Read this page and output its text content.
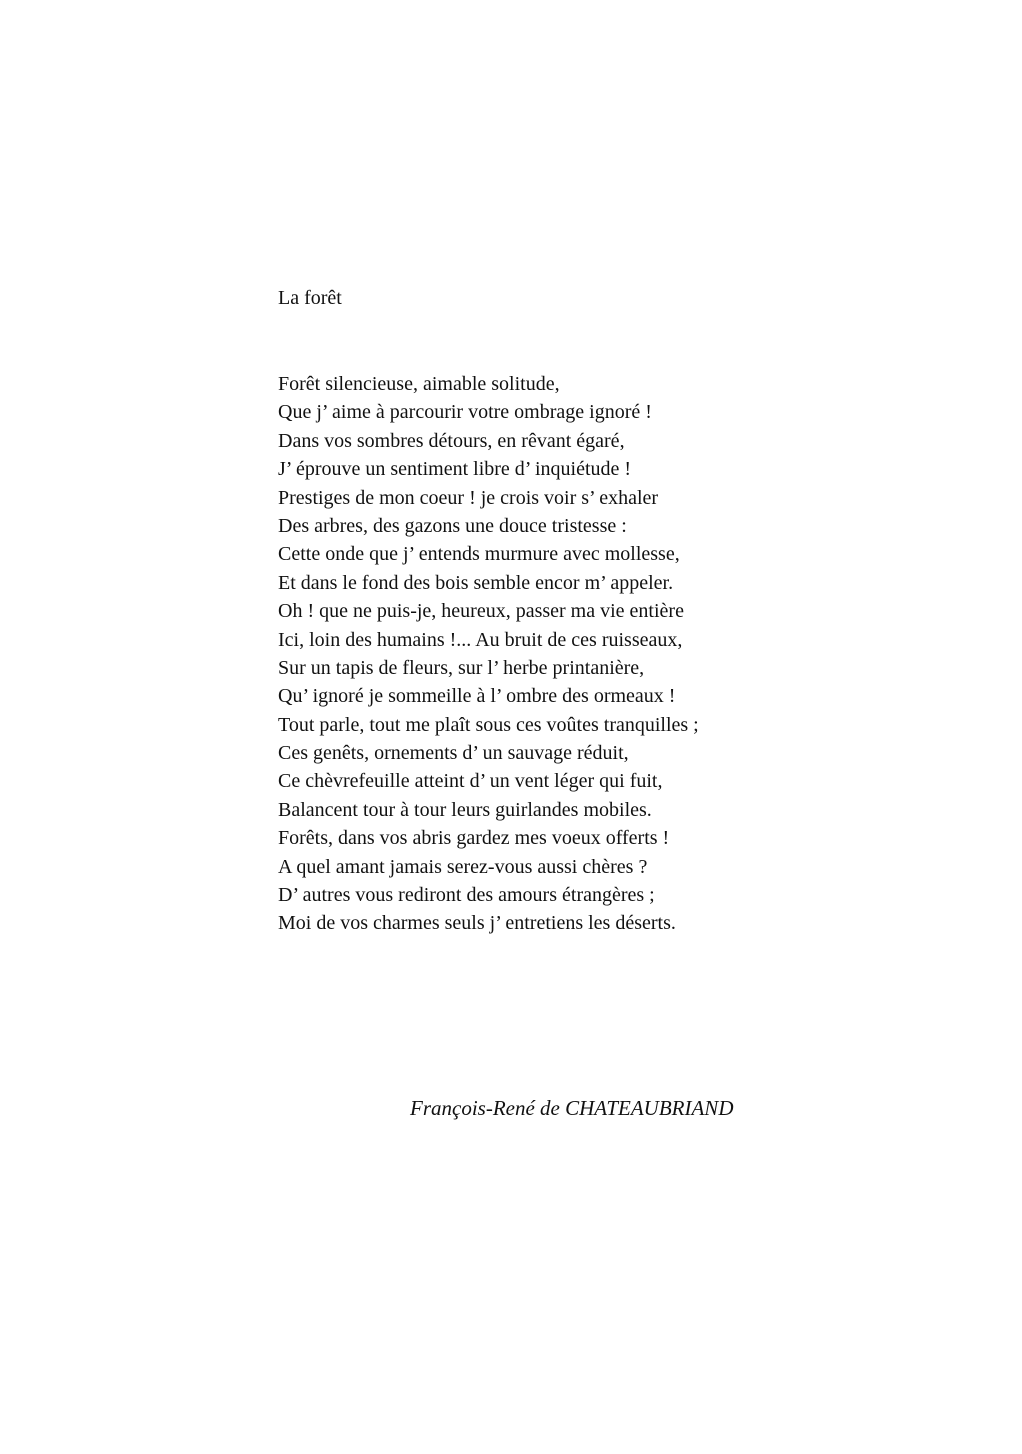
La forêt
Forêt silencieuse, aimable solitude,
Que j’ aime à parcourir votre ombrage ignoré !
Dans vos sombres détours, en rêvant égaré,
J’ éprouve un sentiment libre d’ inquiétude !
Prestiges de mon coeur ! je crois voir s’ exhaler
Des arbres, des gazons une douce tristesse :
Cette onde que j’ entends murmure avec mollesse,
Et dans le fond des bois semble encor m’ appeler.
Oh ! que ne puis-je, heureux, passer ma vie entière
Ici, loin des humains !... Au bruit de ces ruisseaux,
Sur un tapis de fleurs, sur l’ herbe printanière,
Qu’ ignoré je sommeille à l’ ombre des ormeaux !
Tout parle, tout me plaît sous ces voûtes tranquilles ;
Ces genêts, ornements d’ un sauvage réduit,
Ce chèvrefeuille atteint d’ un vent léger qui fuit,
Balancent tour à tour leurs guirlandes mobiles.
Forêts, dans vos abris gardez mes voeux offerts !
A quel amant jamais serez-vous aussi chères ?
D’ autres vous rediront des amours étrangères ;
Moi de vos charmes seuls j’ entretiens les déserts.
François-René de CHATEAUBRIAND
